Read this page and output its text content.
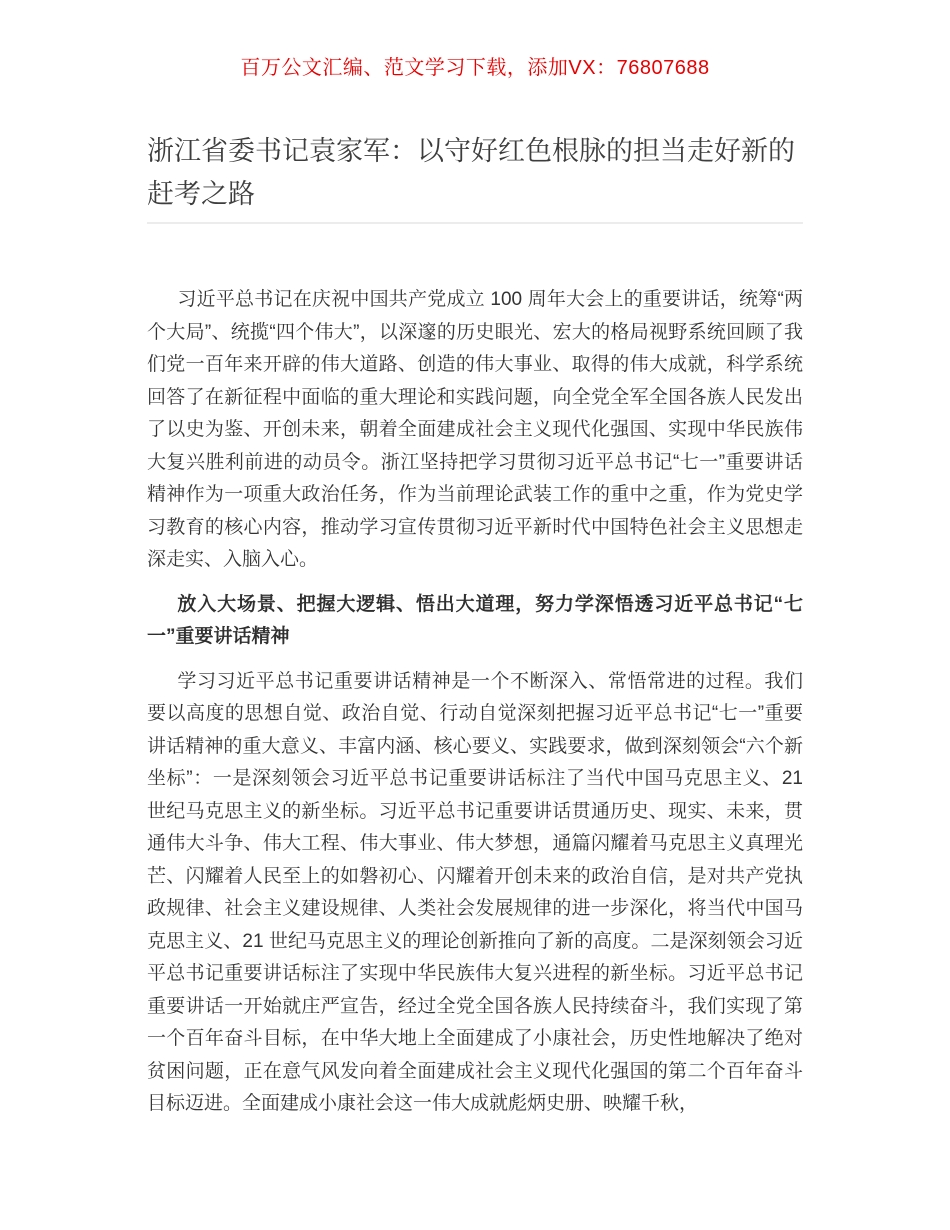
百万公文汇编、范文学习下载，添加VX：76807688
浙江省委书记袁家军：以守好红色根脉的担当走好新的赶考之路

习近平总书记在庆祝中国共产党成立 100 周年大会上的重要讲话，统筹“两个大局”、统揽“四个伟大”，以深邃的历史眼光、宏大的格局视野系统回顾了我们党一百年来开辟的伟大道路、创造的伟大事业、取得的伟大成就，科学系统回答了在新征程中面临的重大理论和实践问题，向全党全军全国各族人民发出了以史为鉴、开创未来，朝着全面建成社会主义现代化强国、实现中华民族伟大复兴胜利前进的动员令。浙江坚持把学习贯彻习近平总书记“七一”重要讲话精神作为一项重大政治任务，作为当前理论武装工作的重中之重，作为党史学习教育的核心内容，推动学习宣传贯彻习近平新时代中国特色社会主义思想走深走实、入脑入心。

放入大场景、把握大逻辑、悟出大道理，努力学深悟透习近平总书记“七一”重要讲话精神

学习习近平总书记重要讲话精神是一个不断深入、常悟常进的过程。我们要以高度的思想自觉、政治自觉、行动自觉深刻把握习近平总书记“七一”重要讲话精神的重大意义、丰富内涵、核心要义、实践要求，做到深刻领会“六个新坐标”：一是深刻领会习近平总书记重要讲话标注了当代中国马克思主义、21 世纪马克思主义的新坐标。习近平总书记重要讲话贯通历史、现实、未来，贯通伟大斗争、伟大工程、伟大事业、伟大梦想，通篇闪耀着马克思主义真理光芒、闪耀着人民至上的如磐初心、闪耀着开创未来的政治自信，是对共产党执政规律、社会主义建设规律、人类社会发展规律的进一步深化，将当代中国马克思主义、21 世纪马克思主义的理论创新推向了新的高度。二是深刻领会习近平总书记重要讲话标注了实现中华民族伟大复兴进程的新坐标。习近平总书记重要讲话一开始就庄严宣告，经过全党全国各族人民持续奋斗，我们实现了第一个百年奋斗目标，在中华大地上全面建成了小康社会，历史性地解决了绝对贫困问题，正在意气风发向着全面建成社会主义现代化强国的第二个百年奋斗目标迈进。全面建成小康社会这一伟大成就彪炳史册、映耀千秋，
